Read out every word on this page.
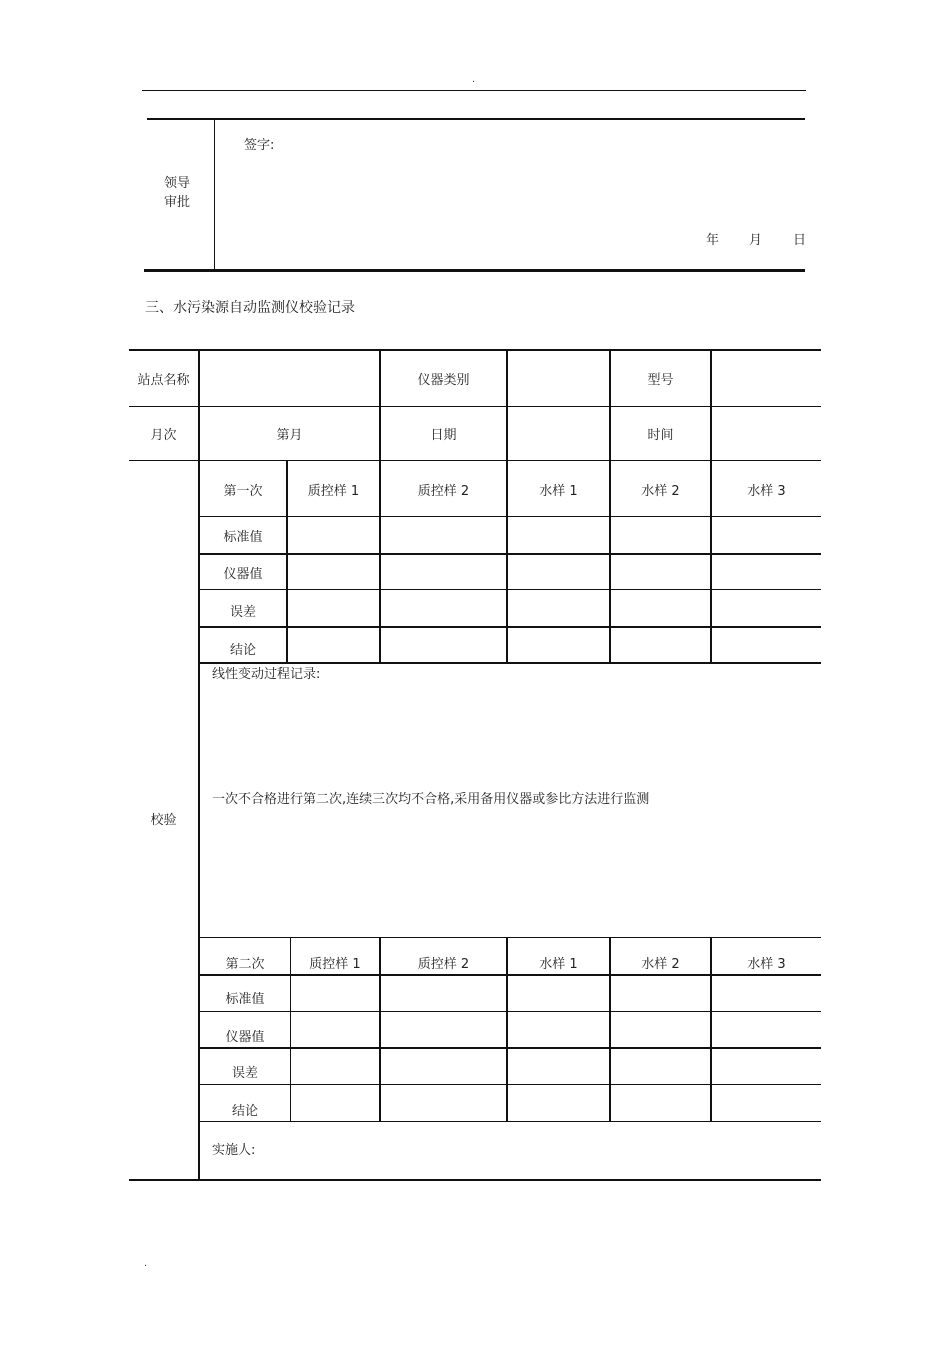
.
领导
审批
签字:
年 月 日
三、水污染源自动监测仪校验记录
站点名称	仪器类别	型号
月次	第月	日期	时间
校验
第一次	质控样 1	质控样 2	水样 1	水样 2	水样 3
标准值
仪器值
误差
结论
线性变动过程记录:
一次不合格进行第二次,连续三次均不合格,采用备用仪器或参比方法进行监测
第二次	质控样 1	质控样 2	水样 1	水样 2	水样 3
标准值
仪器值
误差
结论
实施人:
.
